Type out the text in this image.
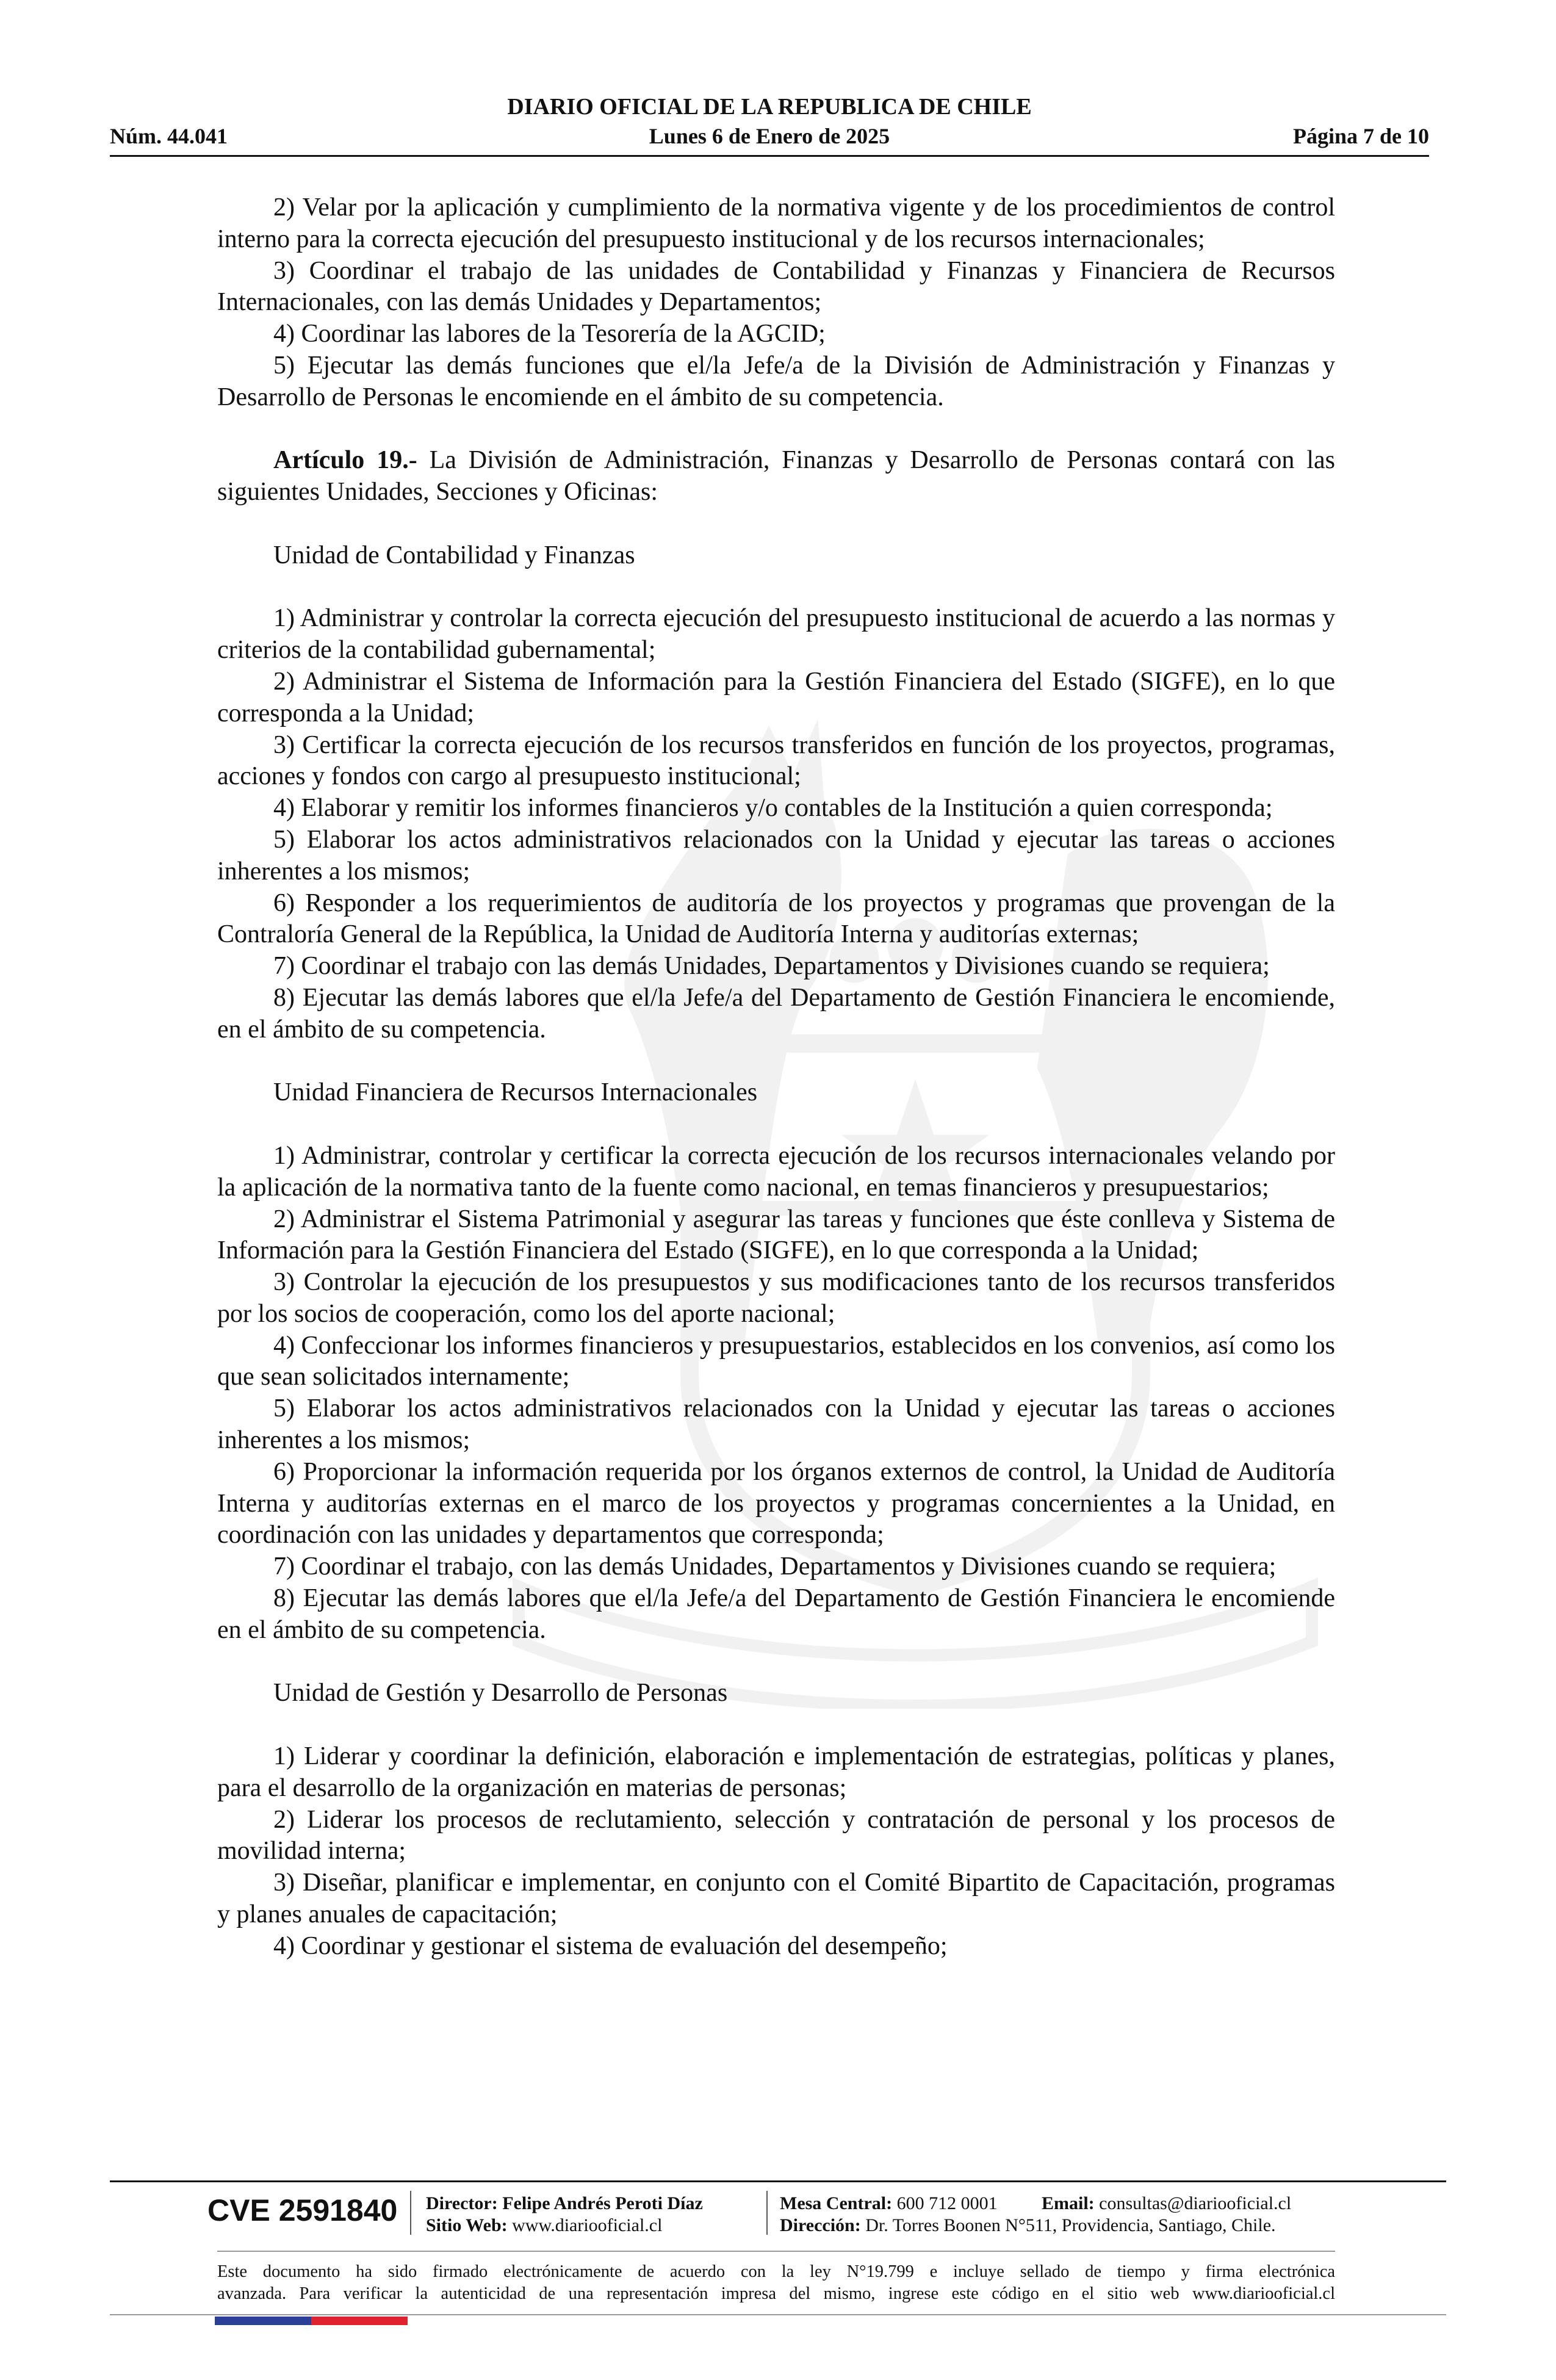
DIARIO OFICIAL DE LA REPUBLICA DE CHILE
Núm. 44.041	Lunes 6 de Enero de 2025	Página 7 de 10

2) Velar por la aplicación y cumplimiento de la normativa vigente y de los procedimientos de control interno para la correcta ejecución del presupuesto institucional y de los recursos internacionales;

3) Coordinar el trabajo de las unidades de Contabilidad y Finanzas y Financiera de Recursos Internacionales, con las demás Unidades y Departamentos;

4) Coordinar las labores de la Tesorería de la AGCID;

5) Ejecutar las demás funciones que el/la Jefe/a de la División de Administración y Finanzas y Desarrollo de Personas le encomiende en el ámbito de su competencia.

Artículo 19.- La División de Administración, Finanzas y Desarrollo de Personas contará con las siguientes Unidades, Secciones y Oficinas:

Unidad de Contabilidad y Finanzas

1) Administrar y controlar la correcta ejecución del presupuesto institucional de acuerdo a las normas y criterios de la contabilidad gubernamental;

2) Administrar el Sistema de Información para la Gestión Financiera del Estado (SIGFE), en lo que corresponda a la Unidad;

3) Certificar la correcta ejecución de los recursos transferidos en función de los proyectos, programas, acciones y fondos con cargo al presupuesto institucional;

4) Elaborar y remitir los informes financieros y/o contables de la Institución a quien corresponda;

5) Elaborar los actos administrativos relacionados con la Unidad y ejecutar las tareas o acciones inherentes a los mismos;

6) Responder a los requerimientos de auditoría de los proyectos y programas que provengan de la Contraloría General de la República, la Unidad de Auditoría Interna y auditorías externas;

7) Coordinar el trabajo con las demás Unidades, Departamentos y Divisiones cuando se requiera;

8) Ejecutar las demás labores que el/la Jefe/a del Departamento de Gestión Financiera le encomiende, en el ámbito de su competencia.

Unidad Financiera de Recursos Internacionales

1) Administrar, controlar y certificar la correcta ejecución de los recursos internacionales velando por la aplicación de la normativa tanto de la fuente como nacional, en temas financieros y presupuestarios;

2) Administrar el Sistema Patrimonial y asegurar las tareas y funciones que éste conlleva y Sistema de Información para la Gestión Financiera del Estado (SIGFE), en lo que corresponda a la Unidad;

3) Controlar la ejecución de los presupuestos y sus modificaciones tanto de los recursos transferidos por los socios de cooperación, como los del aporte nacional;

4) Confeccionar los informes financieros y presupuestarios, establecidos en los convenios, así como los que sean solicitados internamente;

5) Elaborar los actos administrativos relacionados con la Unidad y ejecutar las tareas o acciones inherentes a los mismos;

6) Proporcionar la información requerida por los órganos externos de control, la Unidad de Auditoría Interna y auditorías externas en el marco de los proyectos y programas concernientes a la Unidad, en coordinación con las unidades y departamentos que corresponda;

7) Coordinar el trabajo, con las demás Unidades, Departamentos y Divisiones cuando se requiera;

8) Ejecutar las demás labores que el/la Jefe/a del Departamento de Gestión Financiera le encomiende en el ámbito de su competencia.

Unidad de Gestión y Desarrollo de Personas

1) Liderar y coordinar la definición, elaboración e implementación de estrategias, políticas y planes, para el desarrollo de la organización en materias de personas;

2) Liderar los procesos de reclutamiento, selección y contratación de personal y los procesos de movilidad interna;

3) Diseñar, planificar e implementar, en conjunto con el Comité Bipartito de Capacitación, programas y planes anuales de capacitación;

4) Coordinar y gestionar el sistema de evaluación del desempeño;

CVE 2591840 Director: Felipe Andrés Peroti Díaz
Sitio Web: www.diariooficial.cl
Mesa Central: 600 712 0001 Email: consultas@diariooficial.cl
Dirección: Dr. Torres Boonen N°511, Providencia, Santiago, Chile.
Este documento ha sido firmado electrónicamente de acuerdo con la ley N°19.799 e incluye sellado de tiempo y firma electrónica
avanzada. Para verificar la autenticidad de una representación impresa del mismo, ingrese este código en el sitio web www.diariooficial.cl
